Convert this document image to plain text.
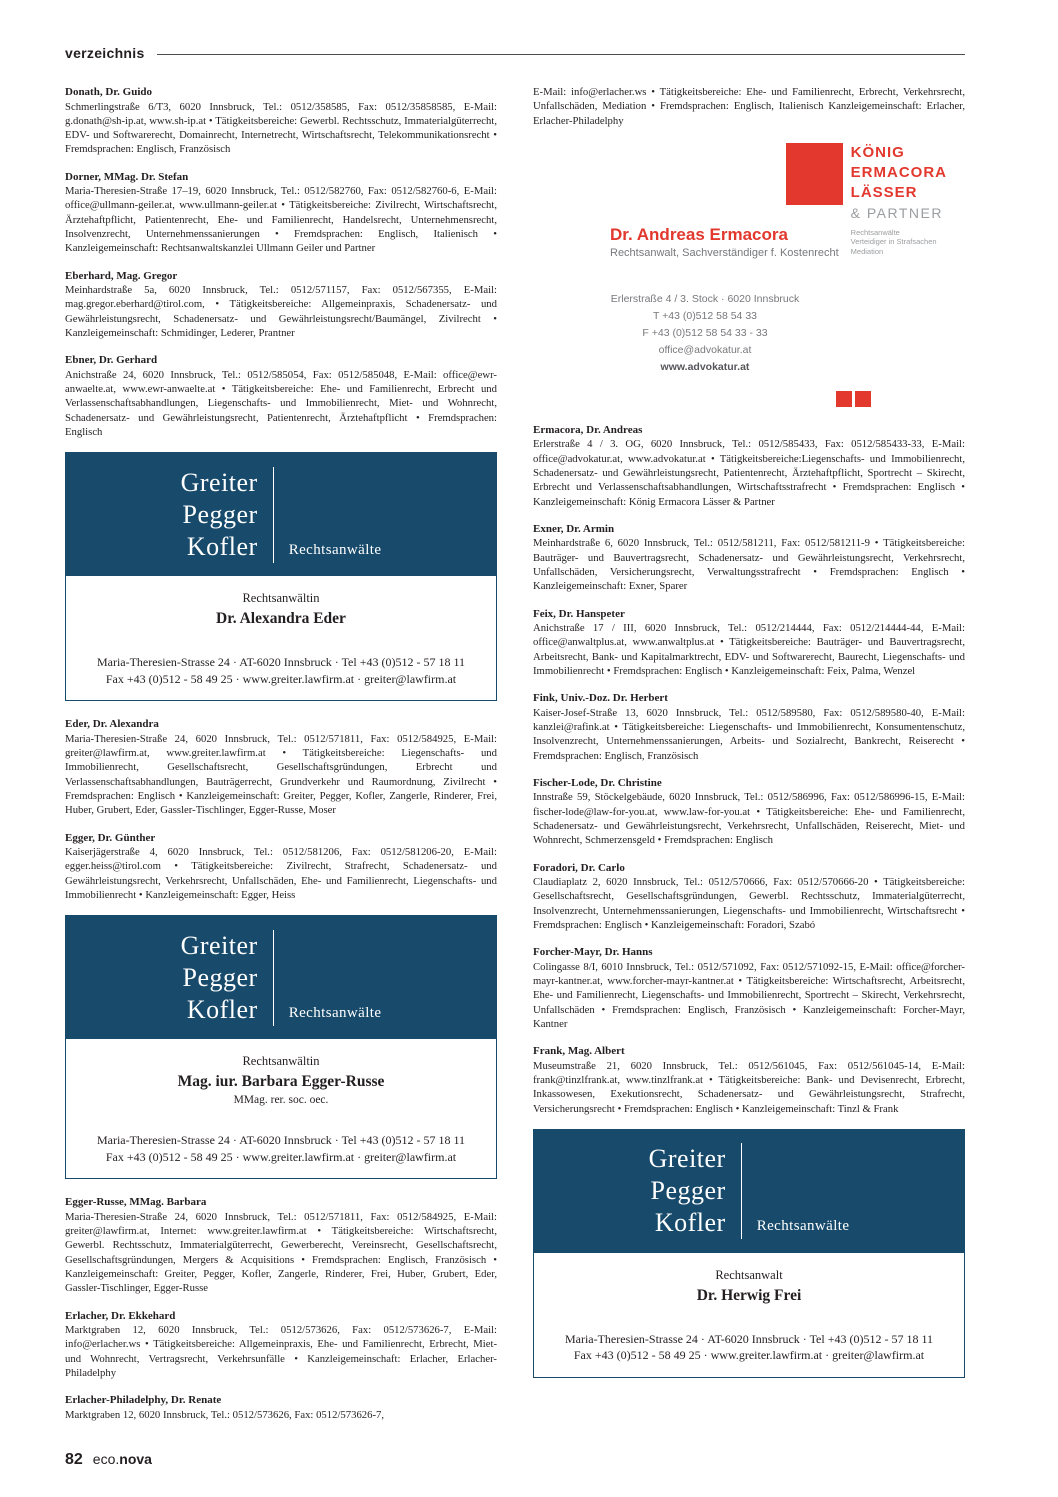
verzeichnis
Donath, Dr. Guido
Schmerlingstraße 6/T3, 6020 Innsbruck, Tel.: 0512/358585, Fax: 0512/35858585, E-Mail: g.donath@sh-ip.at, www.sh-ip.at • Tätigkeitsbereiche: Gewerbl. Rechtsschutz, Immaterialgüterrecht, EDV- und Softwarerecht, Domainrecht, Internetrecht, Wirtschaftsrecht, Telekommunikationsrecht • Fremdsprachen: Englisch, Französisch
Dorner, MMag. Dr. Stefan
Maria-Theresien-Straße 17–19, 6020 Innsbruck, Tel.: 0512/582760, Fax: 0512/582760-6, E-Mail: office@ullmann-geiler.at, www.ullmann-geiler.at • Tätigkeitsbereiche: Zivilrecht, Wirtschaftsrecht, Ärztehaftpflicht, Patientenrecht, Ehe- und Familienrecht, Handelsrecht, Unternehmensrecht, Insolvenzrecht, Unternehmenssanierungen • Fremdsprachen: Englisch, Italienisch • Kanzleigemeinschaft: Rechtsanwaltskanzlei Ullmann Geiler und Partner
Eberhard, Mag. Gregor
Meinhardstraße 5a, 6020 Innsbruck, Tel.: 0512/571157, Fax: 0512/567355, E-Mail: mag.gregor.eberhard@tirol.com, • Tätigkeitsbereiche: Allgemeinpraxis, Schadenersatz- und Gewährleistungsrecht, Schadenersatz- und Gewährleistungsrecht/Baumängel, Zivilrecht • Kanzleigemeinschaft: Schmidinger, Lederer, Prantner
Ebner, Dr. Gerhard
Anichstraße 24, 6020 Innsbruck, Tel.: 0512/585054, Fax: 0512/585048, E-Mail: office@ewr-anwaelte.at, www.ewr-anwaelte.at • Tätigkeitsbereiche: Ehe- und Familienrecht, Erbrecht und Verlassenschaftsabhandlungen, Liegenschafts- und Immobilienrecht, Miet- und Wohnrecht, Schadenersatz- und Gewährleistungsrecht, Patientenrecht, Ärztehaftpflicht • Fremdsprachen: Englisch
Greiter
Pegger
Kofler	Rechtsanwälte
Rechtsanwältin
Dr. Alexandra Eder
Maria-Theresien-Strasse 24 · AT-6020 Innsbruck · Tel +43 (0)512 - 57 18 11
Fax +43 (0)512 - 58 49 25 · www.greiter.lawfirm.at · greiter@lawfirm.at
Eder, Dr. Alexandra
Maria-Theresien-Straße 24, 6020 Innsbruck, Tel.: 0512/571811, Fax: 0512/584925, E-Mail: greiter@lawfirm.at, www.greiter.lawfirm.at • Tätigkeitsbereiche: Liegenschafts- und Immobilienrecht, Gesellschaftsrecht, Gesellschaftsgründungen, Erbrecht und Verlassenschaftsabhandlungen, Bauträgerrecht, Grundverkehr und Raumordnung, Zivilrecht • Fremdsprachen: Englisch • Kanzleigemeinschaft: Greiter, Pegger, Kofler, Zangerle, Rinderer, Frei, Huber, Grubert, Eder, Gassler-Tischlinger, Egger-Russe, Moser
Egger, Dr. Günther
Kaiserjägerstraße 4, 6020 Innsbruck, Tel.: 0512/581206, Fax: 0512/581206-20, E-Mail: egger.heiss@tirol.com • Tätigkeitsbereiche: Zivilrecht, Strafrecht, Schadenersatz- und Gewährleistungsrecht, Verkehrsrecht, Unfallschäden, Ehe- und Familienrecht, Liegenschafts- und Immobilienrecht • Kanzleigemeinschaft: Egger, Heiss
Greiter
Pegger
Kofler	Rechtsanwälte
Rechtsanwältin
Mag. iur. Barbara Egger-Russe
MMag. rer. soc. oec.
Maria-Theresien-Strasse 24 · AT-6020 Innsbruck · Tel +43 (0)512 - 57 18 11
Fax +43 (0)512 - 58 49 25 · www.greiter.lawfirm.at · greiter@lawfirm.at
Egger-Russe, MMag. Barbara
Maria-Theresien-Straße 24, 6020 Innsbruck, Tel.: 0512/571811, Fax: 0512/584925, E-Mail: greiter@lawfirm.at, Internet: www.greiter.lawfirm.at • Tätigkeitsbereiche: Wirtschaftsrecht, Gewerbl. Rechtsschutz, Immaterialgüterrecht, Gewerberecht, Vereinsrecht, Gesellschaftsrecht, Gesellschaftsgründungen, Mergers & Acquisitions • Fremdsprachen: Englisch, Französisch • Kanzleigemeinschaft: Greiter, Pegger, Kofler, Zangerle, Rinderer, Frei, Huber, Grubert, Eder, Gassler-Tischlinger, Egger-Russe
Erlacher, Dr. Ekkehard
Marktgraben 12, 6020 Innsbruck, Tel.: 0512/573626, Fax: 0512/573626-7, E-Mail: info@erlacher.ws • Tätigkeitsbereiche: Allgemeinpraxis, Ehe- und Familienrecht, Erbrecht, Miet- und Wohnrecht, Vertragsrecht, Verkehrsunfälle • Kanzleigemeinschaft: Erlacher, Erlacher-Philadelphy
Erlacher-Philadelphy, Dr. Renate
Marktgraben 12, 6020 Innsbruck, Tel.: 0512/573626, Fax: 0512/573626-7,
E-Mail: info@erlacher.ws • Tätigkeitsbereiche: Ehe- und Familienrecht, Erbrecht, Verkehrsrecht, Unfallschäden, Mediation • Fremdsprachen: Englisch, Italienisch Kanzleigemeinschaft: Erlacher, Erlacher-Philadelphy
KÖNIG
ERMACORA
LÄSSER
& PARTNER
Rechtsanwälte
Verteidiger in Strafsachen
Mediation
Dr. Andreas Ermacora
Rechtsanwalt, Sachverständiger f. Kostenrecht
Erlerstraße 4 / 3. Stock · 6020 Innsbruck
T +43 (0)512 58 54 33
F +43 (0)512 58 54 33 - 33
office@advokatur.at
www.advokatur.at
Ermacora, Dr. Andreas
Erlerstraße 4 / 3. OG, 6020 Innsbruck, Tel.: 0512/585433, Fax: 0512/585433-33, E-Mail: office@advokatur.at, www.advokatur.at • Tätigkeitsbereiche:Liegenschafts- und Immobilienrecht, Schadenersatz- und Gewährleistungsrecht, Patientenrecht, Ärztehaftpflicht, Sportrecht – Skirecht, Erbrecht und Verlassenschaftsabhandlungen, Wirtschaftsstrafrecht • Fremdsprachen: Englisch • Kanzleigemeinschaft: König Ermacora Lässer & Partner
Exner, Dr. Armin
Meinhardstraße 6, 6020 Innsbruck, Tel.: 0512/581211, Fax: 0512/581211-9 • Tätigkeitsbereiche: Bauträger- und Bauvertragsrecht, Schadenersatz- und Gewährleistungsrecht, Verkehrsrecht, Unfallschäden, Versicherungsrecht, Verwaltungsstrafrecht • Fremdsprachen: Englisch • Kanzleigemeinschaft: Exner, Sparer
Feix, Dr. Hanspeter
Anichstraße 17 / III, 6020 Innsbruck, Tel.: 0512/214444, Fax: 0512/214444-44, E-Mail: office@anwaltplus.at, www.anwaltplus.at • Tätigkeitsbereiche: Bauträger- und Bauvertragsrecht, Arbeitsrecht, Bank- und Kapitalmarktrecht, EDV- und Softwarerecht, Baurecht, Liegenschafts- und Immobilienrecht • Fremdsprachen: Englisch • Kanzleigemeinschaft: Feix, Palma, Wenzel
Fink, Univ.-Doz. Dr. Herbert
Kaiser-Josef-Straße 13, 6020 Innsbruck, Tel.: 0512/589580, Fax: 0512/589580-40, E-Mail: kanzlei@rafink.at • Tätigkeitsbereiche: Liegenschafts- und Immobilienrecht, Konsumentenschutz, Insolvenzrecht, Unternehmenssanierungen, Arbeits- und Sozialrecht, Bankrecht, Reiserecht • Fremdsprachen: Englisch, Französisch
Fischer-Lode, Dr. Christine
Innstraße 59, Stöckelgebäude, 6020 Innsbruck, Tel.: 0512/586996, Fax: 0512/586996-15, E-Mail: fischer-lode@law-for-you.at, www.law-for-you.at • Tätigkeitsbereiche: Ehe- und Familienrecht, Schadenersatz- und Gewährleistungsrecht, Verkehrsrecht, Unfallschäden, Reiserecht, Miet- und Wohnrecht, Schmerzensgeld • Fremdsprachen: Englisch
Foradori, Dr. Carlo
Claudiaplatz 2, 6020 Innsbruck, Tel.: 0512/570666, Fax: 0512/570666-20 • Tätigkeitsbereiche: Gesellschaftsrecht, Gesellschaftsgründungen, Gewerbl. Rechtsschutz, Immaterialgüterrecht, Insolvenzrecht, Unternehmenssanierungen, Liegenschafts- und Immobilienrecht, Wirtschaftsrecht • Fremdsprachen: Englisch • Kanzleigemeinschaft: Foradori, Szabó
Forcher-Mayr, Dr. Hanns
Colingasse 8/I, 6010 Innsbruck, Tel.: 0512/571092, Fax: 0512/571092-15, E-Mail: office@forcher-mayr-kantner.at, www.forcher-mayr-kantner.at • Tätigkeitsbereiche: Wirtschaftsrecht, Arbeitsrecht, Ehe- und Familienrecht, Liegenschafts- und Immobilienrecht, Sportrecht – Skirecht, Verkehrsrecht, Unfallschäden • Fremdsprachen: Englisch, Französisch • Kanzleigemeinschaft: Forcher-Mayr, Kantner
Frank, Mag. Albert
Museumstraße 21, 6020 Innsbruck, Tel.: 0512/561045, Fax: 0512/561045-14, E-Mail: frank@tinzlfrank.at, www.tinzlfrank.at • Tätigkeitsbereiche: Bank- und Devisenrecht, Erbrecht, Inkassowesen, Exekutionsrecht, Schadenersatz- und Gewährleistungsrecht, Strafrecht, Versicherungsrecht • Fremdsprachen: Englisch • Kanzleigemeinschaft: Tinzl & Frank
Greiter
Pegger
Kofler	Rechtsanwälte
Rechtsanwalt
Dr. Herwig Frei
Maria-Theresien-Strasse 24 · AT-6020 Innsbruck · Tel +43 (0)512 - 57 18 11
Fax +43 (0)512 - 58 49 25 · www.greiter.lawfirm.at · greiter@lawfirm.at
82 eco.nova
